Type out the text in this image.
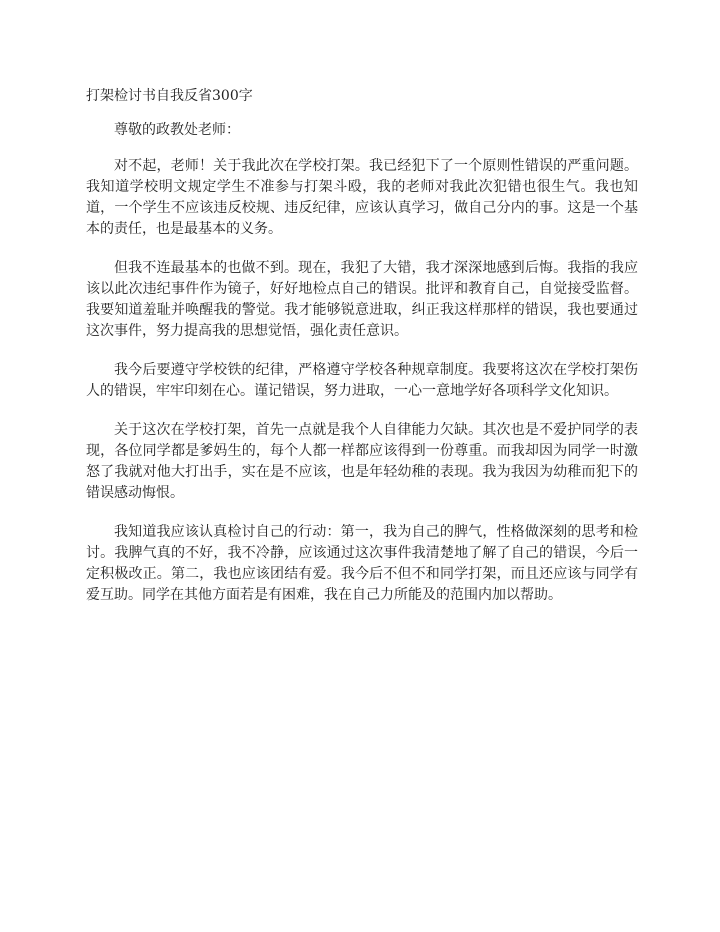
打架检讨书自我反省300字

尊敬的政教处老师：

对不起，老师！关于我此次在学校打架。我已经犯下了一个原则性错误的严重问题。我知道学校明文规定学生不准参与打架斗殴，我的老师对我此次犯错也很生气。我也知道，一个学生不应该违反校规、违反纪律，应该认真学习，做自己分内的事。这是一个基本的责任，也是最基本的义务。

但我不连最基本的也做不到。现在，我犯了大错，我才深深地感到后悔。我指的我应该以此次违纪事件作为镜子，好好地检点自己的错误。批评和教育自己，自觉接受监督。我要知道羞耻并唤醒我的警觉。我才能够锐意进取，纠正我这样那样的错误，我也要通过这次事件，努力提高我的思想觉悟，强化责任意识。

我今后要遵守学校铁的纪律，严格遵守学校各种规章制度。我要将这次在学校打架伤人的错误，牢牢印刻在心。谨记错误，努力进取，一心一意地学好各项科学文化知识。

关于这次在学校打架，首先一点就是我个人自律能力欠缺。其次也是不爱护同学的表现，各位同学都是爹妈生的，每个人都一样都应该得到一份尊重。而我却因为同学一时激怒了我就对他大打出手，实在是不应该，也是年轻幼稚的表现。我为我因为幼稚而犯下的错误感动悔恨。

我知道我应该认真检讨自己的行动：第一，我为自己的脾气，性格做深刻的思考和检讨。我脾气真的不好，我不冷静，应该通过这次事件我清楚地了解了自己的错误，今后一定积极改正。第二，我也应该团结有爱。我今后不但不和同学打架，而且还应该与同学有爱互助。同学在其他方面若是有困难，我在自己力所能及的范围内加以帮助。
